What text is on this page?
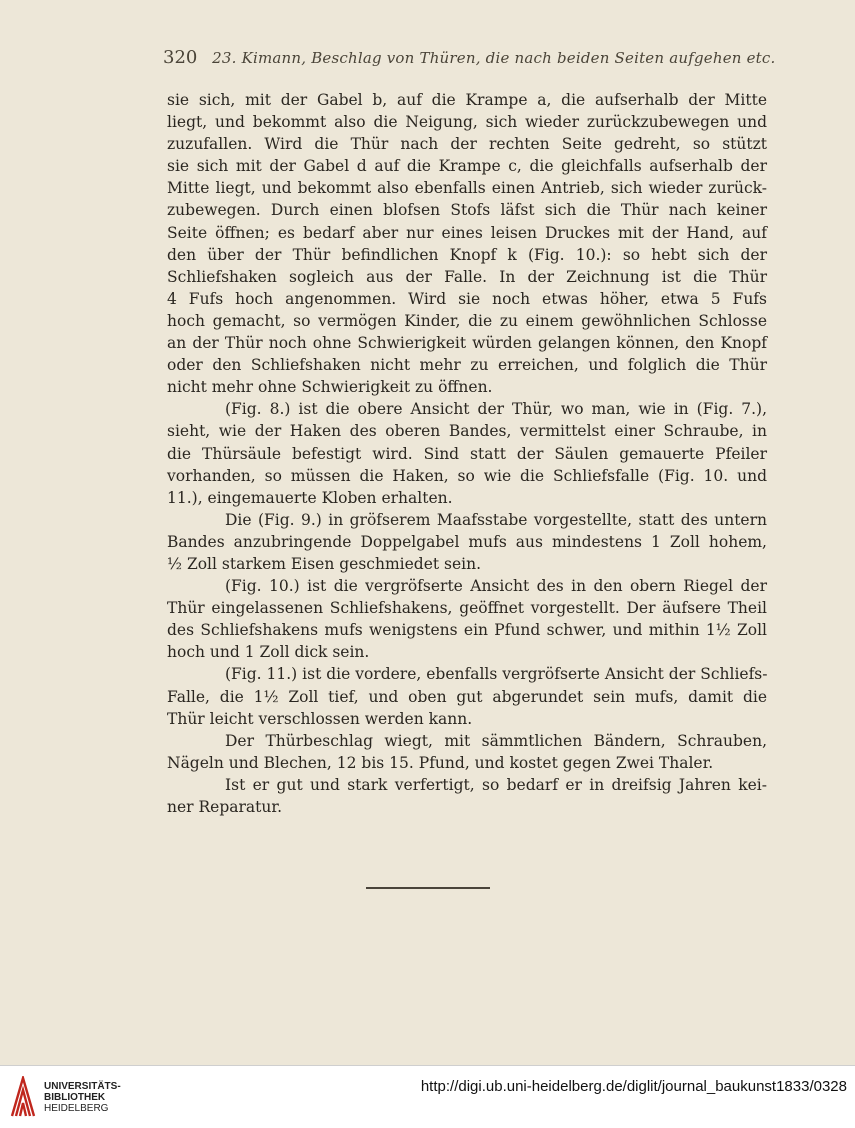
320 23. Kimann, Beschlag von Thüren, die nach beiden Seiten aufgehen etc.
sie sich, mit der Gabel b, auf die Krampe a, die aufserhalb der Mitte
liegt, und bekommt also die Neigung, sich wieder zurückzubewegen und
zuzufallen. Wird die Thür nach der rechten Seite gedreht, so stützt
sie sich mit der Gabel d auf die Krampe c, die gleichfalls aufserhalb der
Mitte liegt, und bekommt also ebenfalls einen Antrieb, sich wieder zurück-
zubewegen. Durch einen blofsen Stofs läfst sich die Thür nach keiner
Seite öffnen; es bedarf aber nur eines leisen Druckes mit der Hand, auf
den über der Thür befindlichen Knopf k (Fig. 10.): so hebt sich der
Schliefshaken sogleich aus der Falle. In der Zeichnung ist die Thür
4 Fufs hoch angenommen. Wird sie noch etwas höher, etwa 5 Fufs
hoch gemacht, so vermögen Kinder, die zu einem gewöhnlichen Schlosse
an der Thür noch ohne Schwierigkeit würden gelangen können, den Knopf
oder den Schliefshaken nicht mehr zu erreichen, und folglich die Thür
nicht mehr ohne Schwierigkeit zu öffnen.
(Fig. 8.) ist die obere Ansicht der Thür, wo man, wie in (Fig. 7.),
sieht, wie der Haken des oberen Bandes, vermittelst einer Schraube, in
die Thürsäule befestigt wird. Sind statt der Säulen gemauerte Pfeiler
vorhanden, so müssen die Haken, so wie die Schliefsfalle (Fig. 10. und
11.), eingemauerte Kloben erhalten.
Die (Fig. 9.) in gröfserem Maafsstabe vorgestellte, statt des untern
Bandes anzubringende Doppelgabel mufs aus mindestens 1 Zoll hohem,
½ Zoll starkem Eisen geschmiedet sein.
(Fig. 10.) ist die vergröfserte Ansicht des in den obern Riegel der
Thür eingelassenen Schliefshakens, geöffnet vorgestellt. Der äufsere Theil
des Schliefshakens mufs wenigstens ein Pfund schwer, und mithin 1½ Zoll
hoch und 1 Zoll dick sein.
(Fig. 11.) ist die vordere, ebenfalls vergröfserte Ansicht der Schliefs-
Falle, die 1½ Zoll tief, und oben gut abgerundet sein mufs, damit die
Thür leicht verschlossen werden kann.
Der Thürbeschlag wiegt, mit sämmtlichen Bändern, Schrauben,
Nägeln und Blechen, 12 bis 15. Pfund, und kostet gegen Zwei Thaler.
Ist er gut und stark verfertigt, so bedarf er in dreifsig Jahren kei-
ner Reparatur.
UNIVERSITÄTS-
BIBLIOTHEK
HEIDELBERG
http://digi.ub.uni-heidelberg.de/diglit/journal_baukunst1833/0328
